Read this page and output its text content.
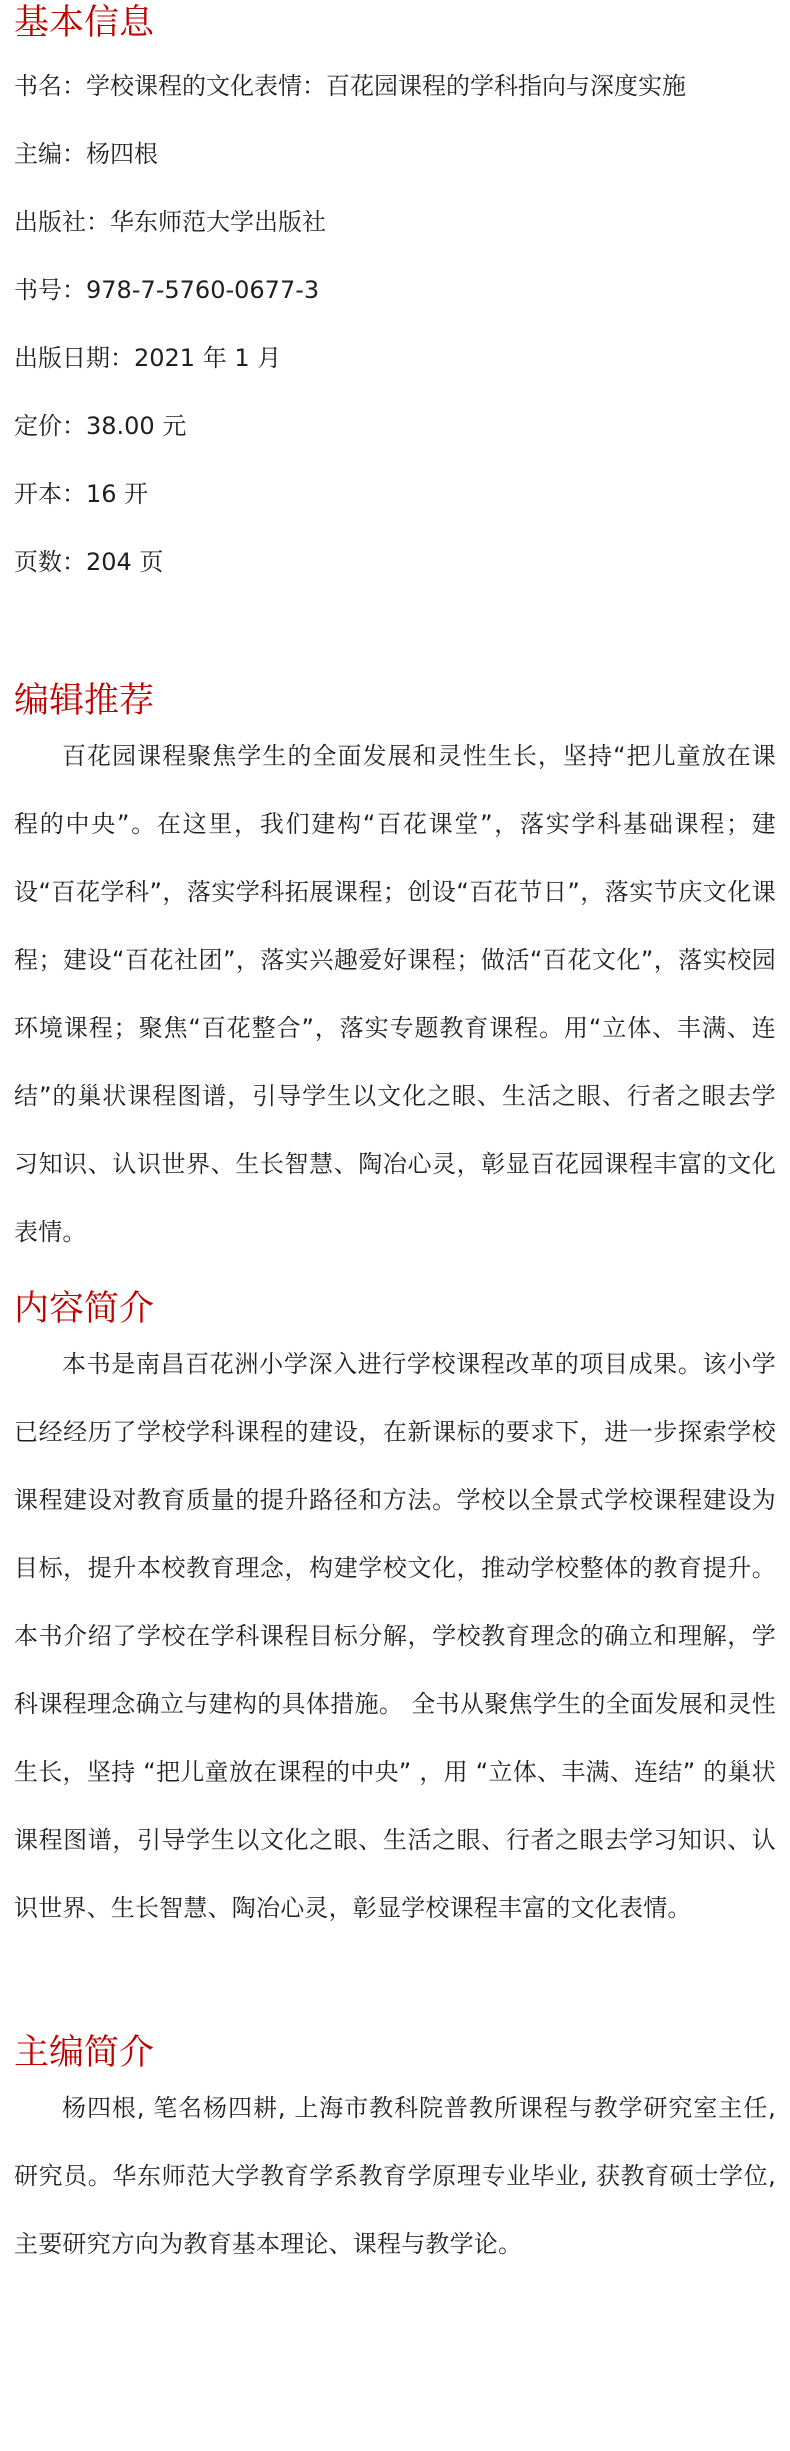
基本信息

书名：学校课程的文化表情：百花园课程的学科指向与深度实施

主编：杨四根

出版社：华东师范大学出版社

书号：978-7-5760-0677-3

出版日期：2021 年 1 月

定价：38.00 元

开本：16 开

页数：204 页

编辑推荐

百花园课程聚焦学生的全面发展和灵性生长，坚持“把儿童放在课程的中央”。在这里，我们建构“百花课堂”，落实学科基础课程；建设“百花学科”，落实学科拓展课程；创设“百花节日”，落实节庆文化课程；建设“百花社团”，落实兴趣爱好课程；做活“百花文化”，落实校园环境课程；聚焦“百花整合”，落实专题教育课程。用“立体、丰满、连结”的巢状课程图谱，引导学生以文化之眼、生活之眼、行者之眼去学习知识、认识世界、生长智慧、陶冶心灵，彰显百花园课程丰富的文化表情。

内容简介

本书是南昌百花洲小学深入进行学校课程改革的项目成果。该小学已经经历了学校学科课程的建设，在新课标的要求下，进一步探索学校课程建设对教育质量的提升路径和方法。学校以全景式学校课程建设为目标，提升本校教育理念，构建学校文化，推动学校整体的教育提升。本书介绍了学校在学科课程目标分解，学校教育理念的确立和理解，学科课程理念确立与建构的具体措施。 全书从聚焦学生的全面发展和灵性生长，坚持 “把儿童放在课程的中央” ，用 “立体、丰满、连结” 的巢状课程图谱，引导学生以文化之眼、生活之眼、行者之眼去学习知识、认识世界、生长智慧、陶冶心灵，彰显学校课程丰富的文化表情。

主编简介

杨四根, 笔名杨四耕, 上海市教科院普教所课程与教学研究室主任, 研究员。华东师范大学教育学系教育学原理专业毕业, 获教育硕士学位, 主要研究方向为教育基本理论、课程与教学论。
